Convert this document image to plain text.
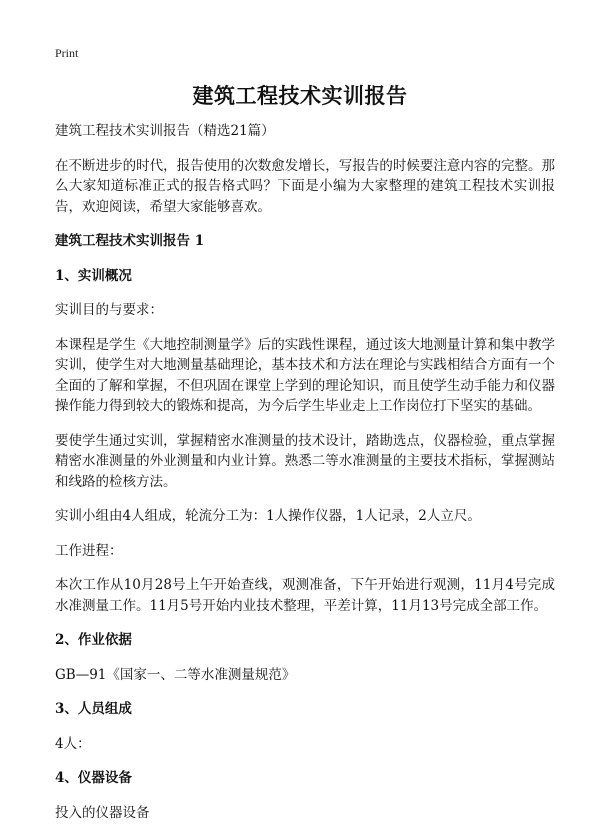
Print
建筑工程技术实训报告

建筑工程技术实训报告（精选21篇）

在不断进步的时代，报告使用的次数愈发增长，写报告的时候要注意内容的完整。那么大家知道标准正式的报告格式吗？下面是小编为大家整理的建筑工程技术实训报告，欢迎阅读，希望大家能够喜欢。

建筑工程技术实训报告 1

1、实训概况

实训目的与要求：

本课程是学生《大地控制测量学》后的实践性课程，通过该大地测量计算和集中教学实训，使学生对大地测量基础理论，基本技术和方法在理论与实践相结合方面有一个全面的了解和掌握，不但巩固在课堂上学到的理论知识，而且使学生动手能力和仪器操作能力得到较大的锻炼和提高，为今后学生毕业走上工作岗位打下坚实的基础。

要使学生通过实训，掌握精密水准测量的技术设计，踏勘选点，仪器检验，重点掌握精密水准测量的外业测量和内业计算。熟悉二等水准测量的主要技术指标，掌握测站和线路的检核方法。

实训小组由4人组成，轮流分工为：1人操作仪器，1人记录，2人立尺。

工作进程：

本次工作从10月28号上午开始查线，观测准备，下午开始进行观测，11月4号完成水准测量工作。11月5号开始内业技术整理，平差计算，11月13号完成全部工作。

2、作业依据

GB—91《国家一、二等水准测量规范》

3、人员组成

4人：

4、仪器设备

投入的仪器设备
